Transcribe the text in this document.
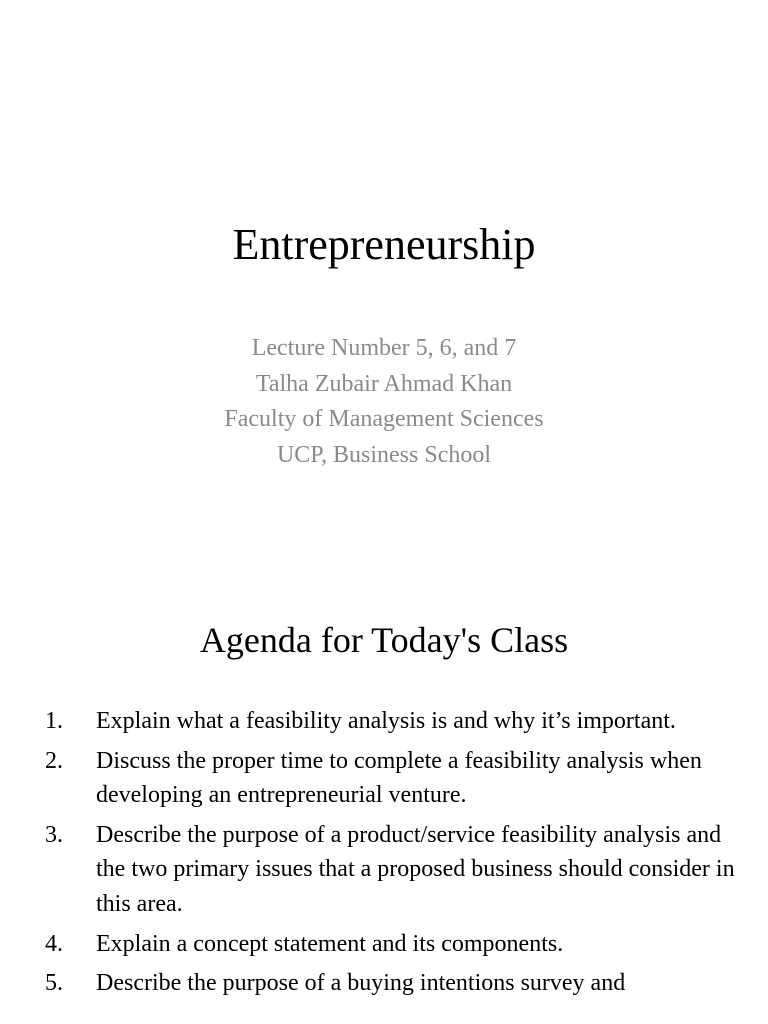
Entrepreneurship
Lecture Number 5, 6, and 7
Talha Zubair Ahmad Khan
Faculty of Management Sciences
UCP, Business School
Agenda for Today's Class
1. Explain what a feasibility analysis is and why it’s important.
2. Discuss the proper time to complete a feasibility analysis when developing an entrepreneurial venture.
3. Describe the purpose of a product/service feasibility analysis and the two primary issues that a proposed business should consider in this area.
4. Explain a concept statement and its components.
5. Describe the purpose of a buying intentions survey and
